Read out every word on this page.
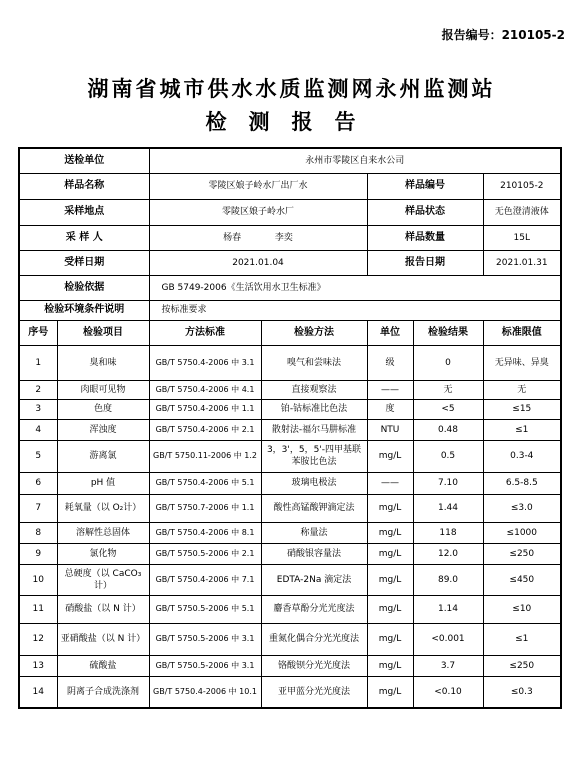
报告编号：210105-2
湖南省城市供水水质监测网永州监测站
检测报告
送检单位		永州市零陵区自来水公司				
样品名称		零陵区娘子岭水厂出厂水		样品编号		210105-2
采样地点		零陵区娘子岭水厂		样品状态		无色澄清液体
采 样 人		杨春 李奕		样品数量		15L
受样日期		2021.01.04		报告日期		2021.01.31
检验依据		GB 5749-2006《生活饮用水卫生标准》				
检验环境条件说明		按标准要求				
序号	检验项目	方法标准	检验方法	单位	检验结果	标准限值
1	臭和味	GB/T 5750.4-2006 中 3.1	嗅气和尝味法	级	0	无异味、异臭
2	肉眼可见物	GB/T 5750.4-2006 中 4.1	直接观察法	——	无	无
3	色度	GB/T 5750.4-2006 中 1.1	铂-钴标准比色法	度	<5	≤15
4	浑浊度	GB/T 5750.4-2006 中 2.1	散射法-福尔马肼标准	NTU	0.48	≤1
5	游离氯	GB/T 5750.11-2006 中 1.2	3，3'，5，5'-四甲基联苯胺比色法	mg/L	0.5	0.3-4
6	pH 值	GB/T 5750.4-2006 中 5.1	玻璃电极法	——	7.10	6.5-8.5
7	耗氧量（以 O₂计）	GB/T 5750.7-2006 中 1.1	酸性高锰酸钾滴定法	mg/L	1.44	≤3.0
8	溶解性总固体	GB/T 5750.4-2006 中 8.1	称量法	mg/L	118	≤1000
9	氯化物	GB/T 5750.5-2006 中 2.1	硝酸银容量法	mg/L	12.0	≤250
10	总硬度（以 CaCO₃计）	GB/T 5750.4-2006 中 7.1	EDTA-2Na 滴定法	mg/L	89.0	≤450
11	硝酸盐（以 N 计）	GB/T 5750.5-2006 中 5.1	麝香草酚分光光度法	mg/L	1.14	≤10
12	亚硝酸盐（以 N 计）	GB/T 5750.5-2006 中 3.1	重氮化偶合分光光度法	mg/L	<0.001	≤1
13	硫酸盐	GB/T 5750.5-2006 中 3.1	铬酸钡分光光度法	mg/L	3.7	≤250
14	阴离子合成洗涤剂	GB/T 5750.4-2006 中 10.1	亚甲蓝分光光度法	mg/L	<0.10	≤0.3
